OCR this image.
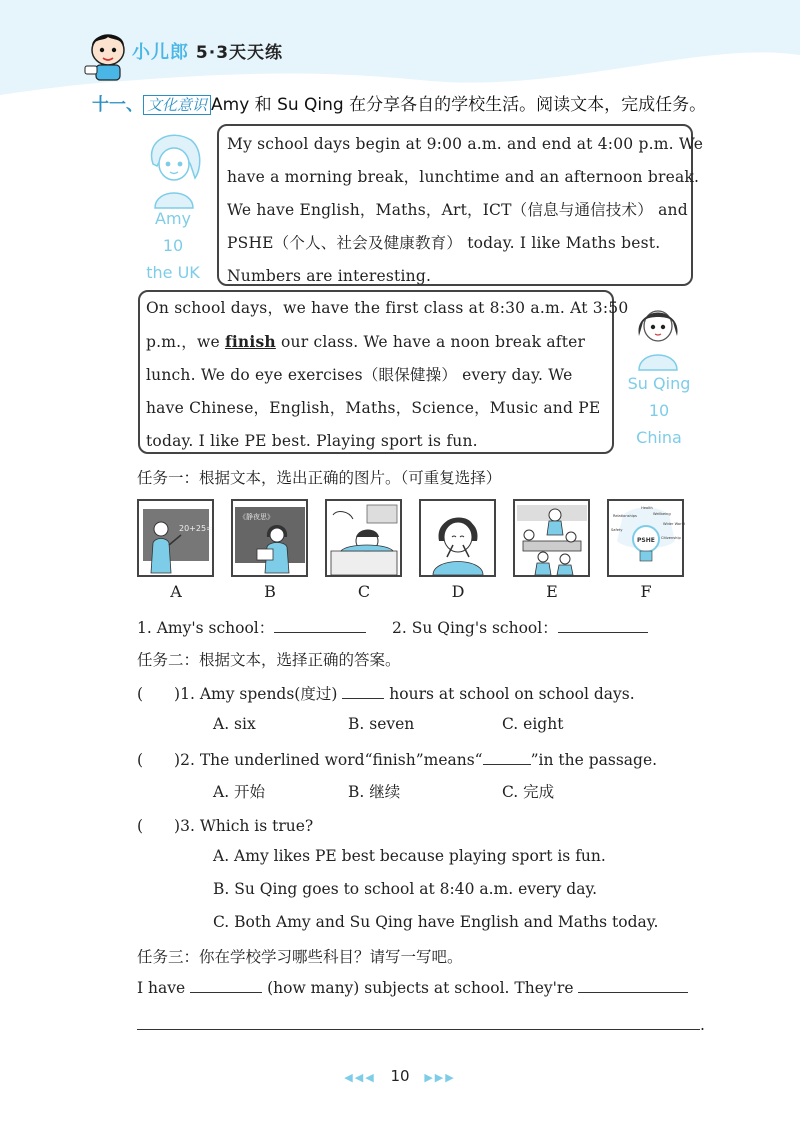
小儿郎 5·3天天练
十一、 文化意识 Amy 和 Su Qing 在分享各自的学校生活。阅读文本，完成任务。
Amy
10
the UK
My school days begin at 9:00 a.m. and end at 4:00 p.m. We
have a morning break，lunchtime and an afternoon break.
We have English，Maths，Art，ICT（信息与通信技术） and
PSHE（个人、社会及健康教育） today. I like Maths best.
Numbers are interesting.
On school days，we have the first class at 8:30 a.m. At 3:50
p.m.，we finish our class. We have a noon break after
lunch. We do eye exercises（眼保健操） every day. We
have Chinese，English，Maths，Science，Music and PE
today. I like PE best. Playing sport is fun.
Su Qing
10
China
任务一：根据文本，选出正确的图片。（可重复选择）
20+25=
《静夜思》
PSHE
Relationships	Wellbeing
Safety
Health
Wider World
Citizenship
A	B	C	D	E	F
1. Amy's school：	2. Su Qing's school：
任务二：根据文本，选择正确的答案。
(　　)1. Amy spends(度过)	hours at school on school days.
A. six	B. seven	C. eight
(　　)2. The underlined word“finish”means“	”in the passage.
A. 开始	B. 继续	C. 完成
(　　)3. Which is true?
A. Amy likes PE best because playing sport is fun.
B. Su Qing goes to school at 8:40 a.m. every day.
C. Both Amy and Su Qing have English and Maths today.
任务三：你在学校学习哪些科目？请写一写吧。
I have	(how many) subjects at school. They're
.
◀◀◀ 10 ▶▶▶
